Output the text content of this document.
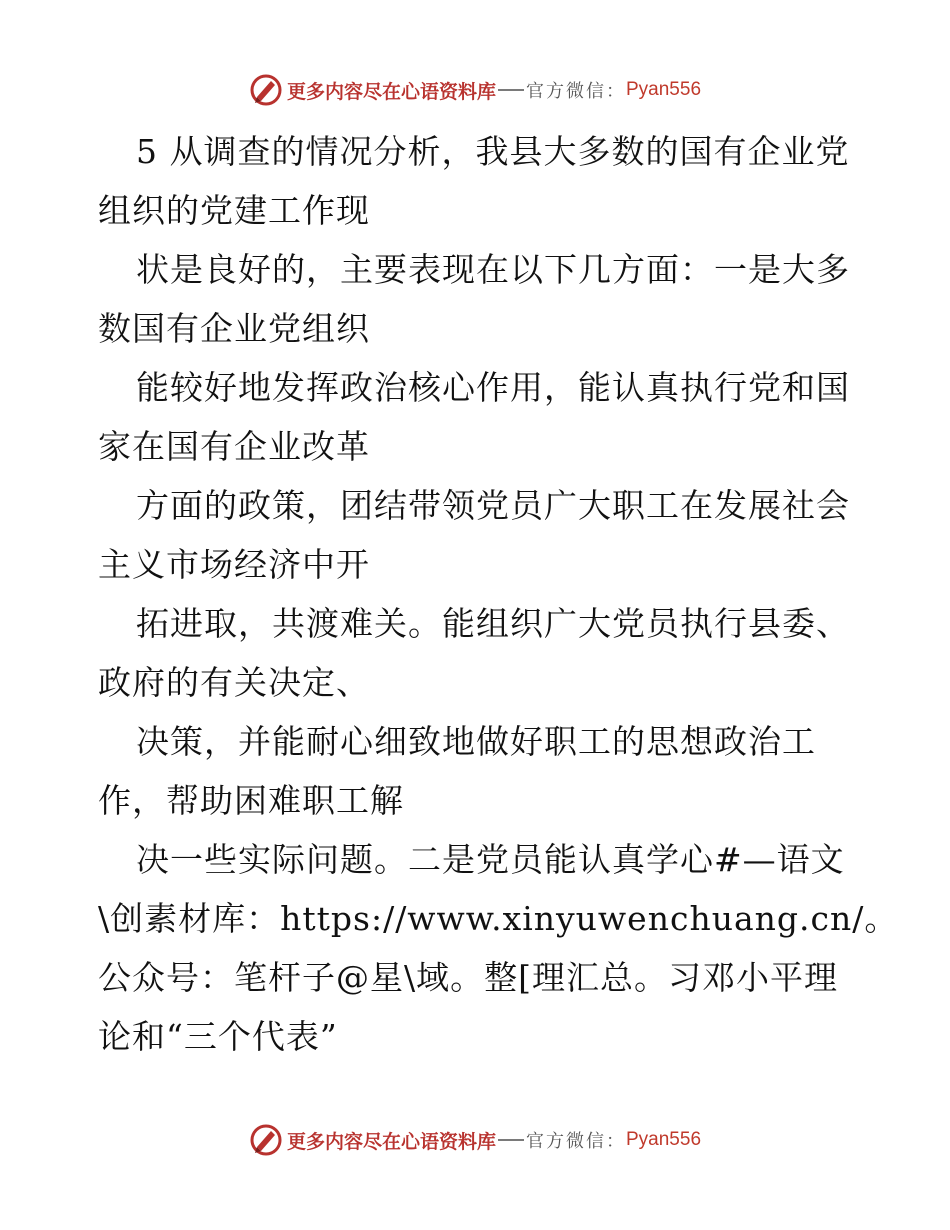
更多内容尽在心语资料库 官方微信： Pyan556

5 从调查的情况分析，我县大多数的国有企业党

组织的党建工作现

状是良好的，主要表现在以下几方面：一是大多

数国有企业党组织

能较好地发挥政治核心作用，能认真执行党和国

家在国有企业改革

方面的政策，团结带领党员广大职工在发展社会

主义市场经济中开

拓进取，共渡难关。能组织广大党员执行县委、

政府的有关决定、

决策，并能耐心细致地做好职工的思想政治工

作，帮助困难职工解

决一些实际问题。二是党员能认真学心#—语文

\创素材库：https://www.xinyuwenchuang.cn/。

公众号：笔杆子@星\域。整[理汇总。习邓小平理

论和“三个代表”

更多内容尽在心语资料库 官方微信： Pyan556
